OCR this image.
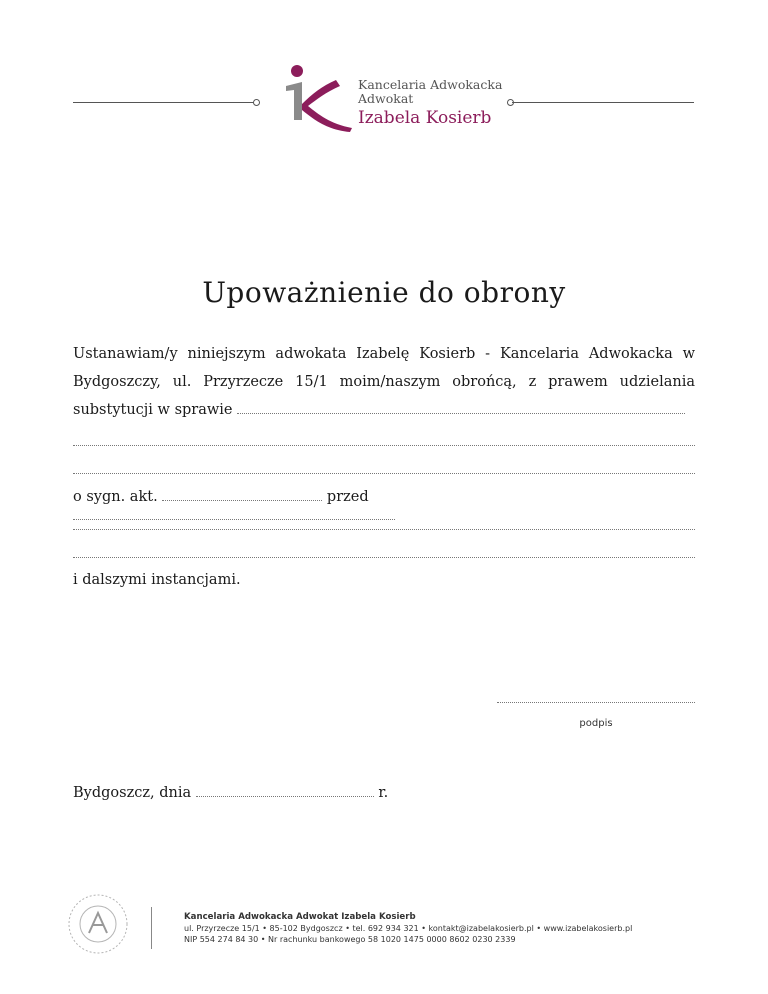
Kancelaria Adwokacka
Adwokat
Izabela Kosierb
Upoważnienie do obrony
Ustanawiam/y niniejszym adwokata Izabelę Kosierb - Kancelaria Adwokacka w Bydgoszczy, ul. Przyrzecze 15/1 moim/naszym obrońcą, z prawem udzielania substytucji w sprawie
o sygn. akt.	przed
i dalszymi instancjami.
podpis
Bydgoszcz, dnia	r.
Kancelaria Adwokacka Adwokat Izabela Kosierb
ul. Przyrzecze 15/1 • 85-102 Bydgoszcz • tel. 692 934 321 • kontakt@izabelakosierb.pl • www.izabelakosierb.pl
NIP 554 274 84 30 • Nr rachunku bankowego 58 1020 1475 0000 8602 0230 2339
